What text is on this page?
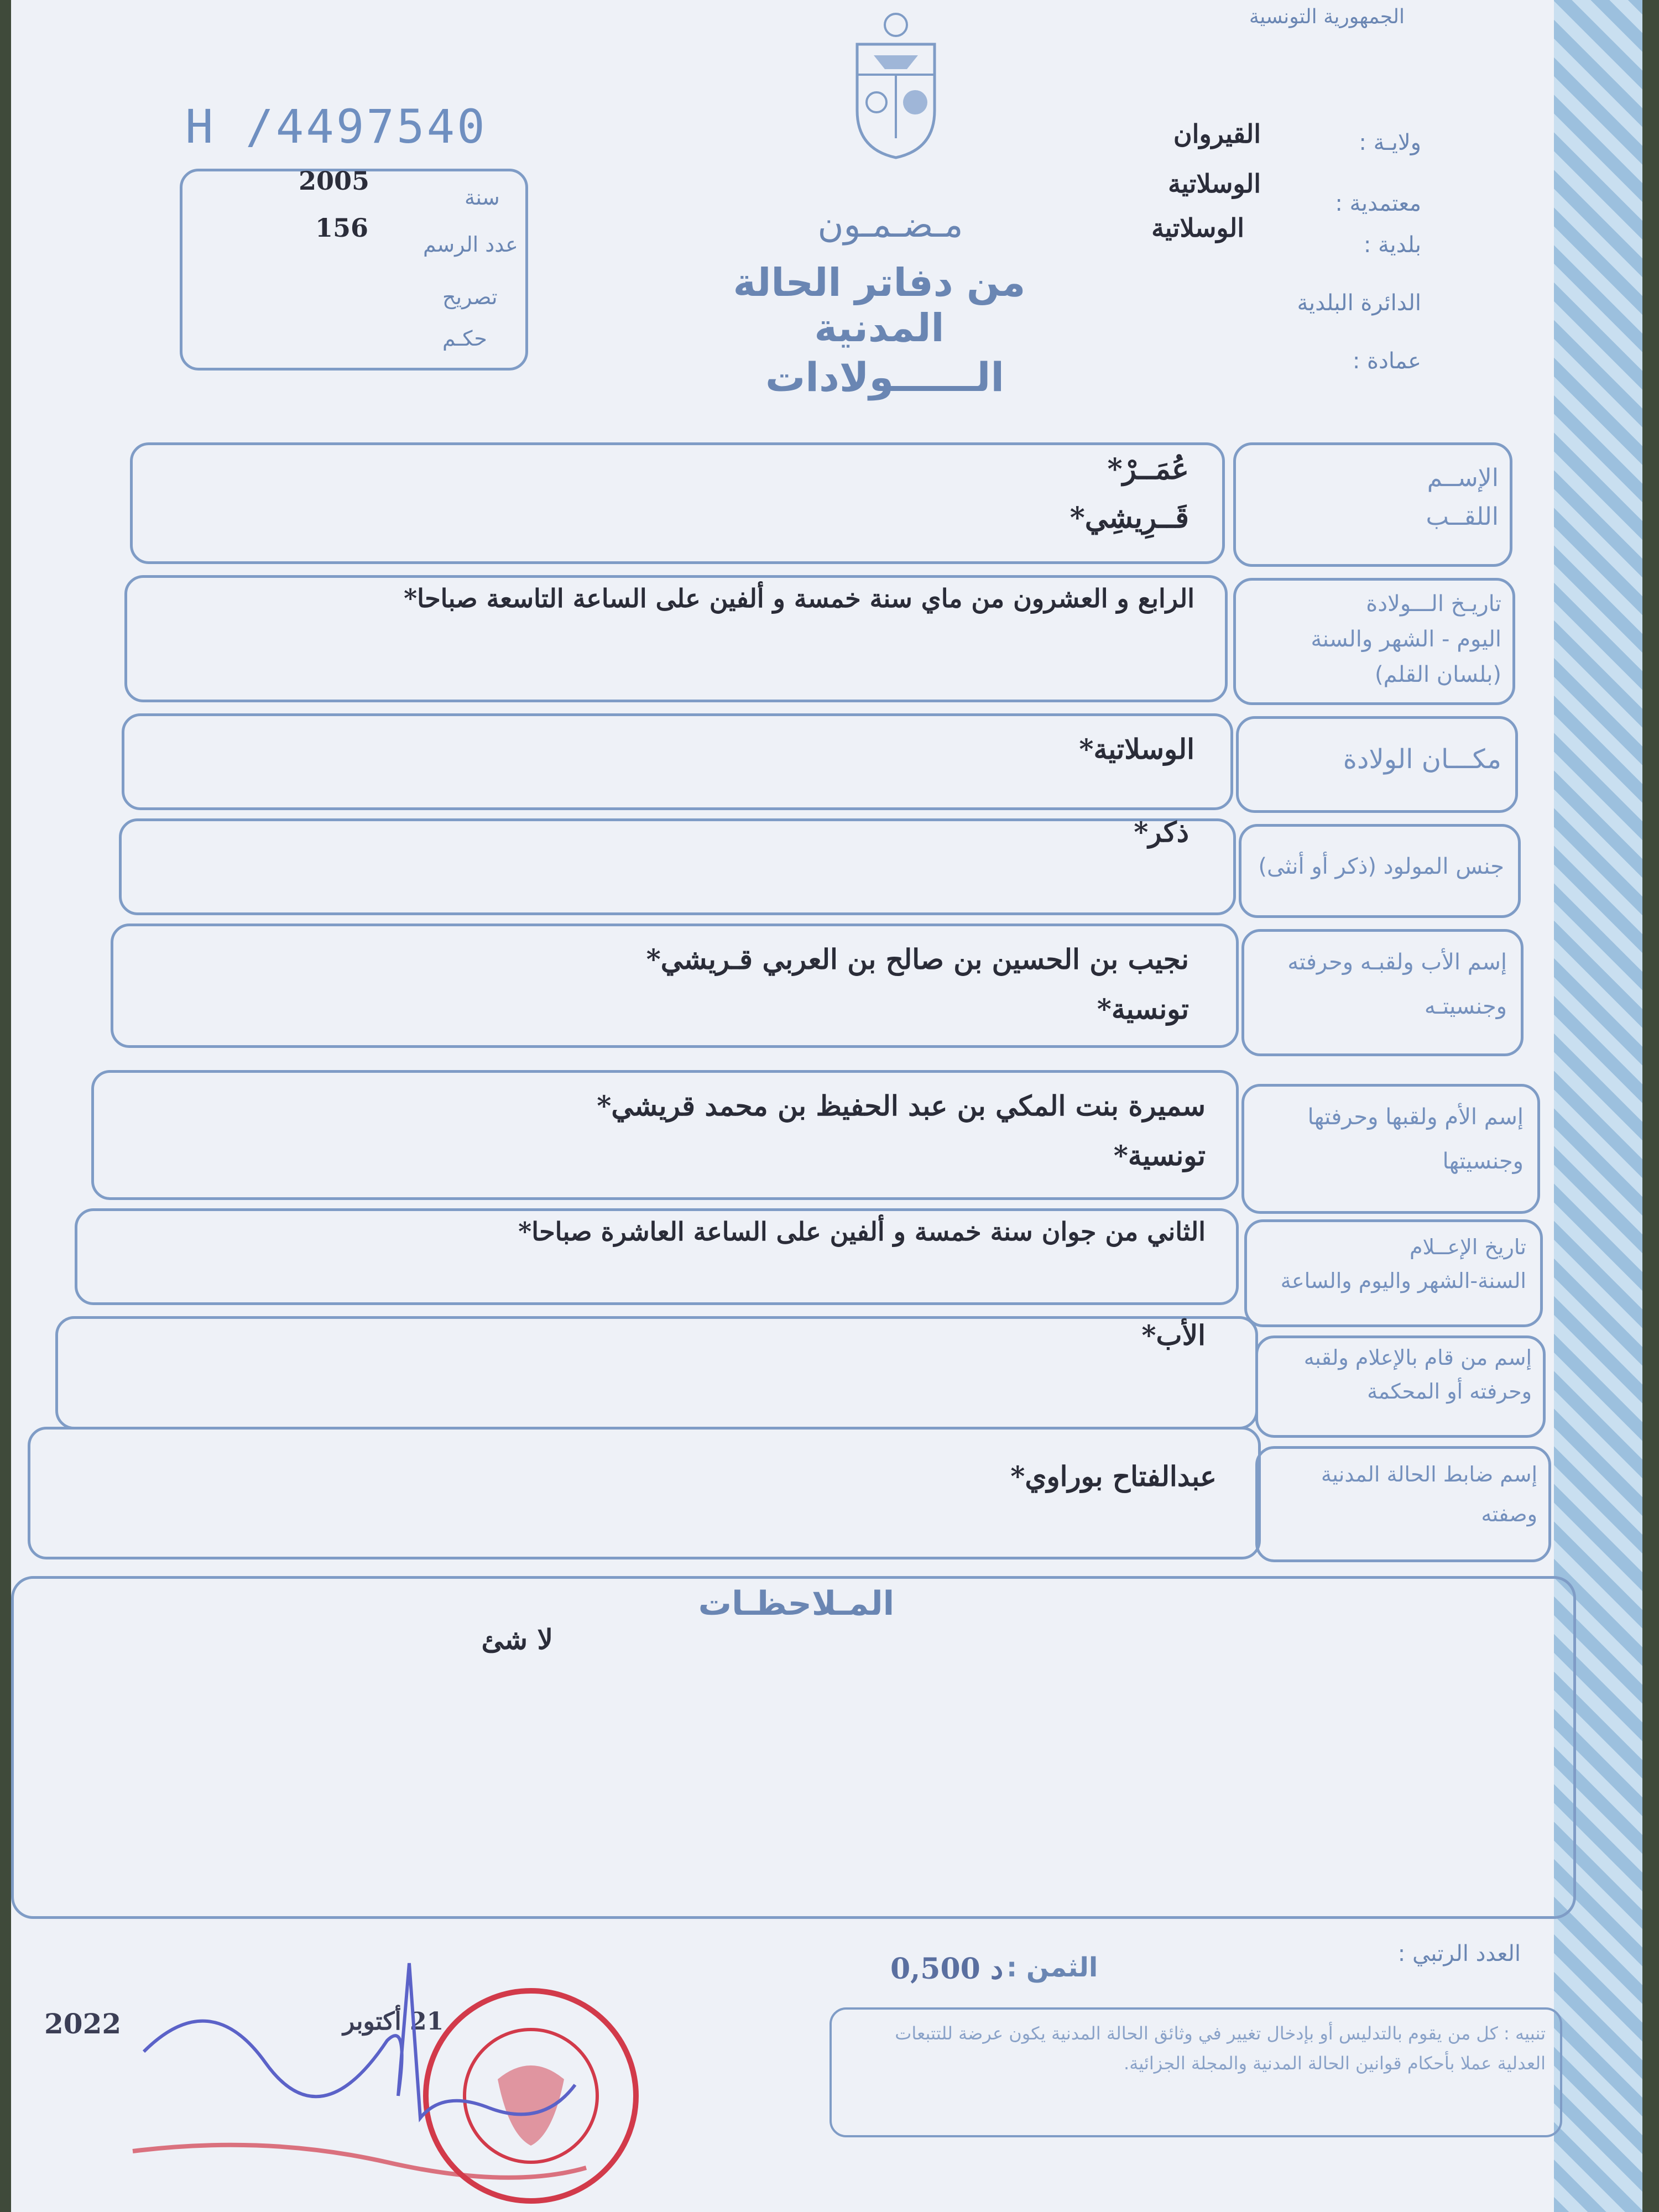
الجمهورية التونسية
H /4497540
سنة
2005
عدد الرسم
156
تصريح
حكـم
مـضـمـون
من دفاتر الحالة المدنية
الــــــولادات
ولايـة :
القيروان
معتمدية :
الوسلاتية
بلدية :
الوسلاتية
الدائرة البلدية
عمادة :
الإســم
اللقــب
عُمَــرْ*
قَــرِيشِي*
تاريـخ الـــولادة
اليوم - الشهر والسنة
(بلسان القلم)
الرابع و العشرون من ماي سنة خمسة و ألفين على الساعة التاسعة صباحا*
مكـــان الولادة
الوسلاتية*
جنس المولود (ذكر أو أنثى)
ذكر*
إسم الأب ولقبـه وحرفته
وجنسيتـه
نجيب بن الحسين بن صالح بن العربي قـريشي*
تونسية*
إسم الأم ولقبها وحرفتها
وجنسيتها
سميرة بنت المكي بن عبد الحفيظ بن محمد قريشي*
تونسية*
تاريخ الإعــلام
السنة-الشهر واليوم والساعة
الثاني من جوان سنة خمسة و ألفين على الساعة العاشرة صباحا*
إسم من قام بالإعلام ولقبه
وحرفته أو المحكمة
الأب*
إسم ضابط الحالة المدنية
وصفته
عبدالفتاح بوراوي*
المـلاحظـات
لا شئ
العدد الرتبي :
الثمن :
0,500 د
تنبيه : كل من يقوم بالتدليس أو بإدخال تغيير في وثائق الحالة المدنية يكون عرضة للتتبعات العدلية عملا بأحكام قوانين الحالة المدنية والمجلة الجزائية.
2022	21 أكتوبر
